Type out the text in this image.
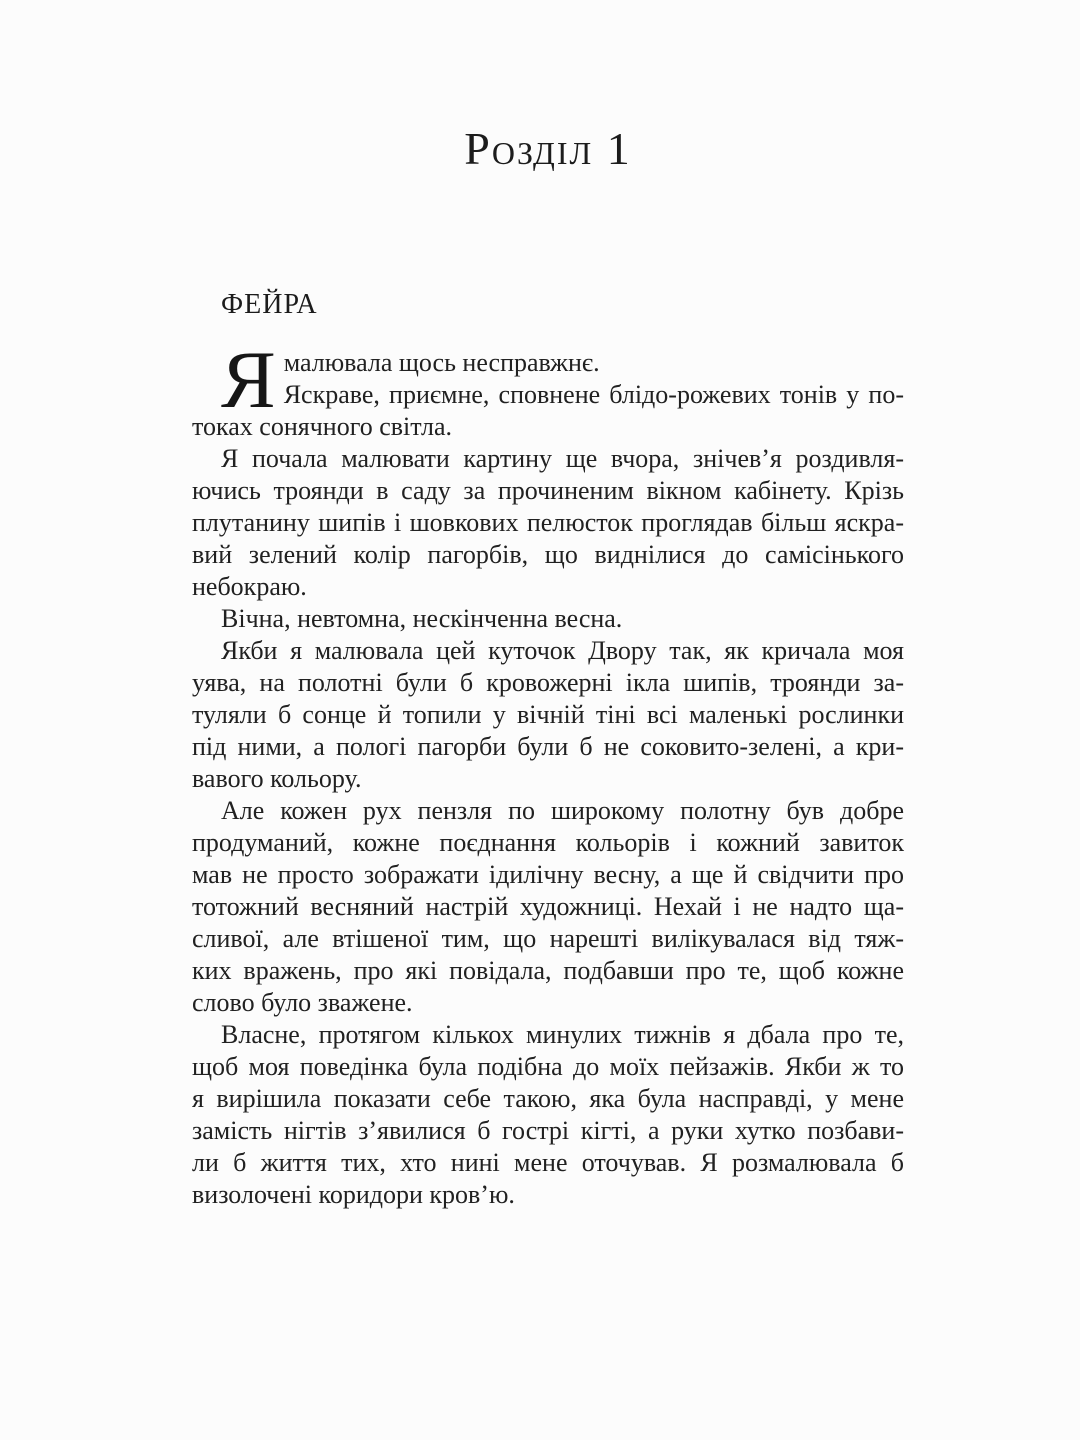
Розділ 1
ФЕЙРА
Я малювала щось несправжнє.
Яскраве, приємне, сповнене блідо-рожевих тонів у по-
токах сонячного світла.
Я почала малювати картину ще вчора, знічев’я роздивля-
ючись троянди в саду за прочиненим вікном кабінету. Крізь
плутанину шипів і шовкових пелюсток проглядав більш яскра-
вий зелений колір пагорбів, що виднілися до самісінького
небокраю.
Вічна, невтомна, нескінченна весна.
Якби я малювала цей куточок Двору так, як кричала моя
уява, на полотні були б кровожерні ікла шипів, троянди за-
туляли б сонце й топили у вічній тіні всі маленькі рослинки
під ними, а пологі пагорби були б не соковито-зелені, а кри-
вавого кольору.
Але кожен рух пензля по широкому полотну був добре
продуманий, кожне поєднання кольорів і кожний завиток
мав не просто зображати ідилічну весну, а ще й свідчити про
тотожний весняний настрій художниці. Нехай і не надто ща-
сливої, але втішеної тим, що нарешті вилікувалася від тяж-
ких вражень, про які повідала, подбавши про те, щоб кожне
слово було зважене.
Власне, протягом кількох минулих тижнів я дбала про те,
щоб моя поведінка була подібна до моїх пейзажів. Якби ж то
я вирішила показати себе такою, яка була насправді, у мене
замість нігтів з’явилися б гострі кігті, а руки хутко позбави-
ли б життя тих, хто нині мене оточував. Я розмалювала б
визолочені коридори кров’ю.
